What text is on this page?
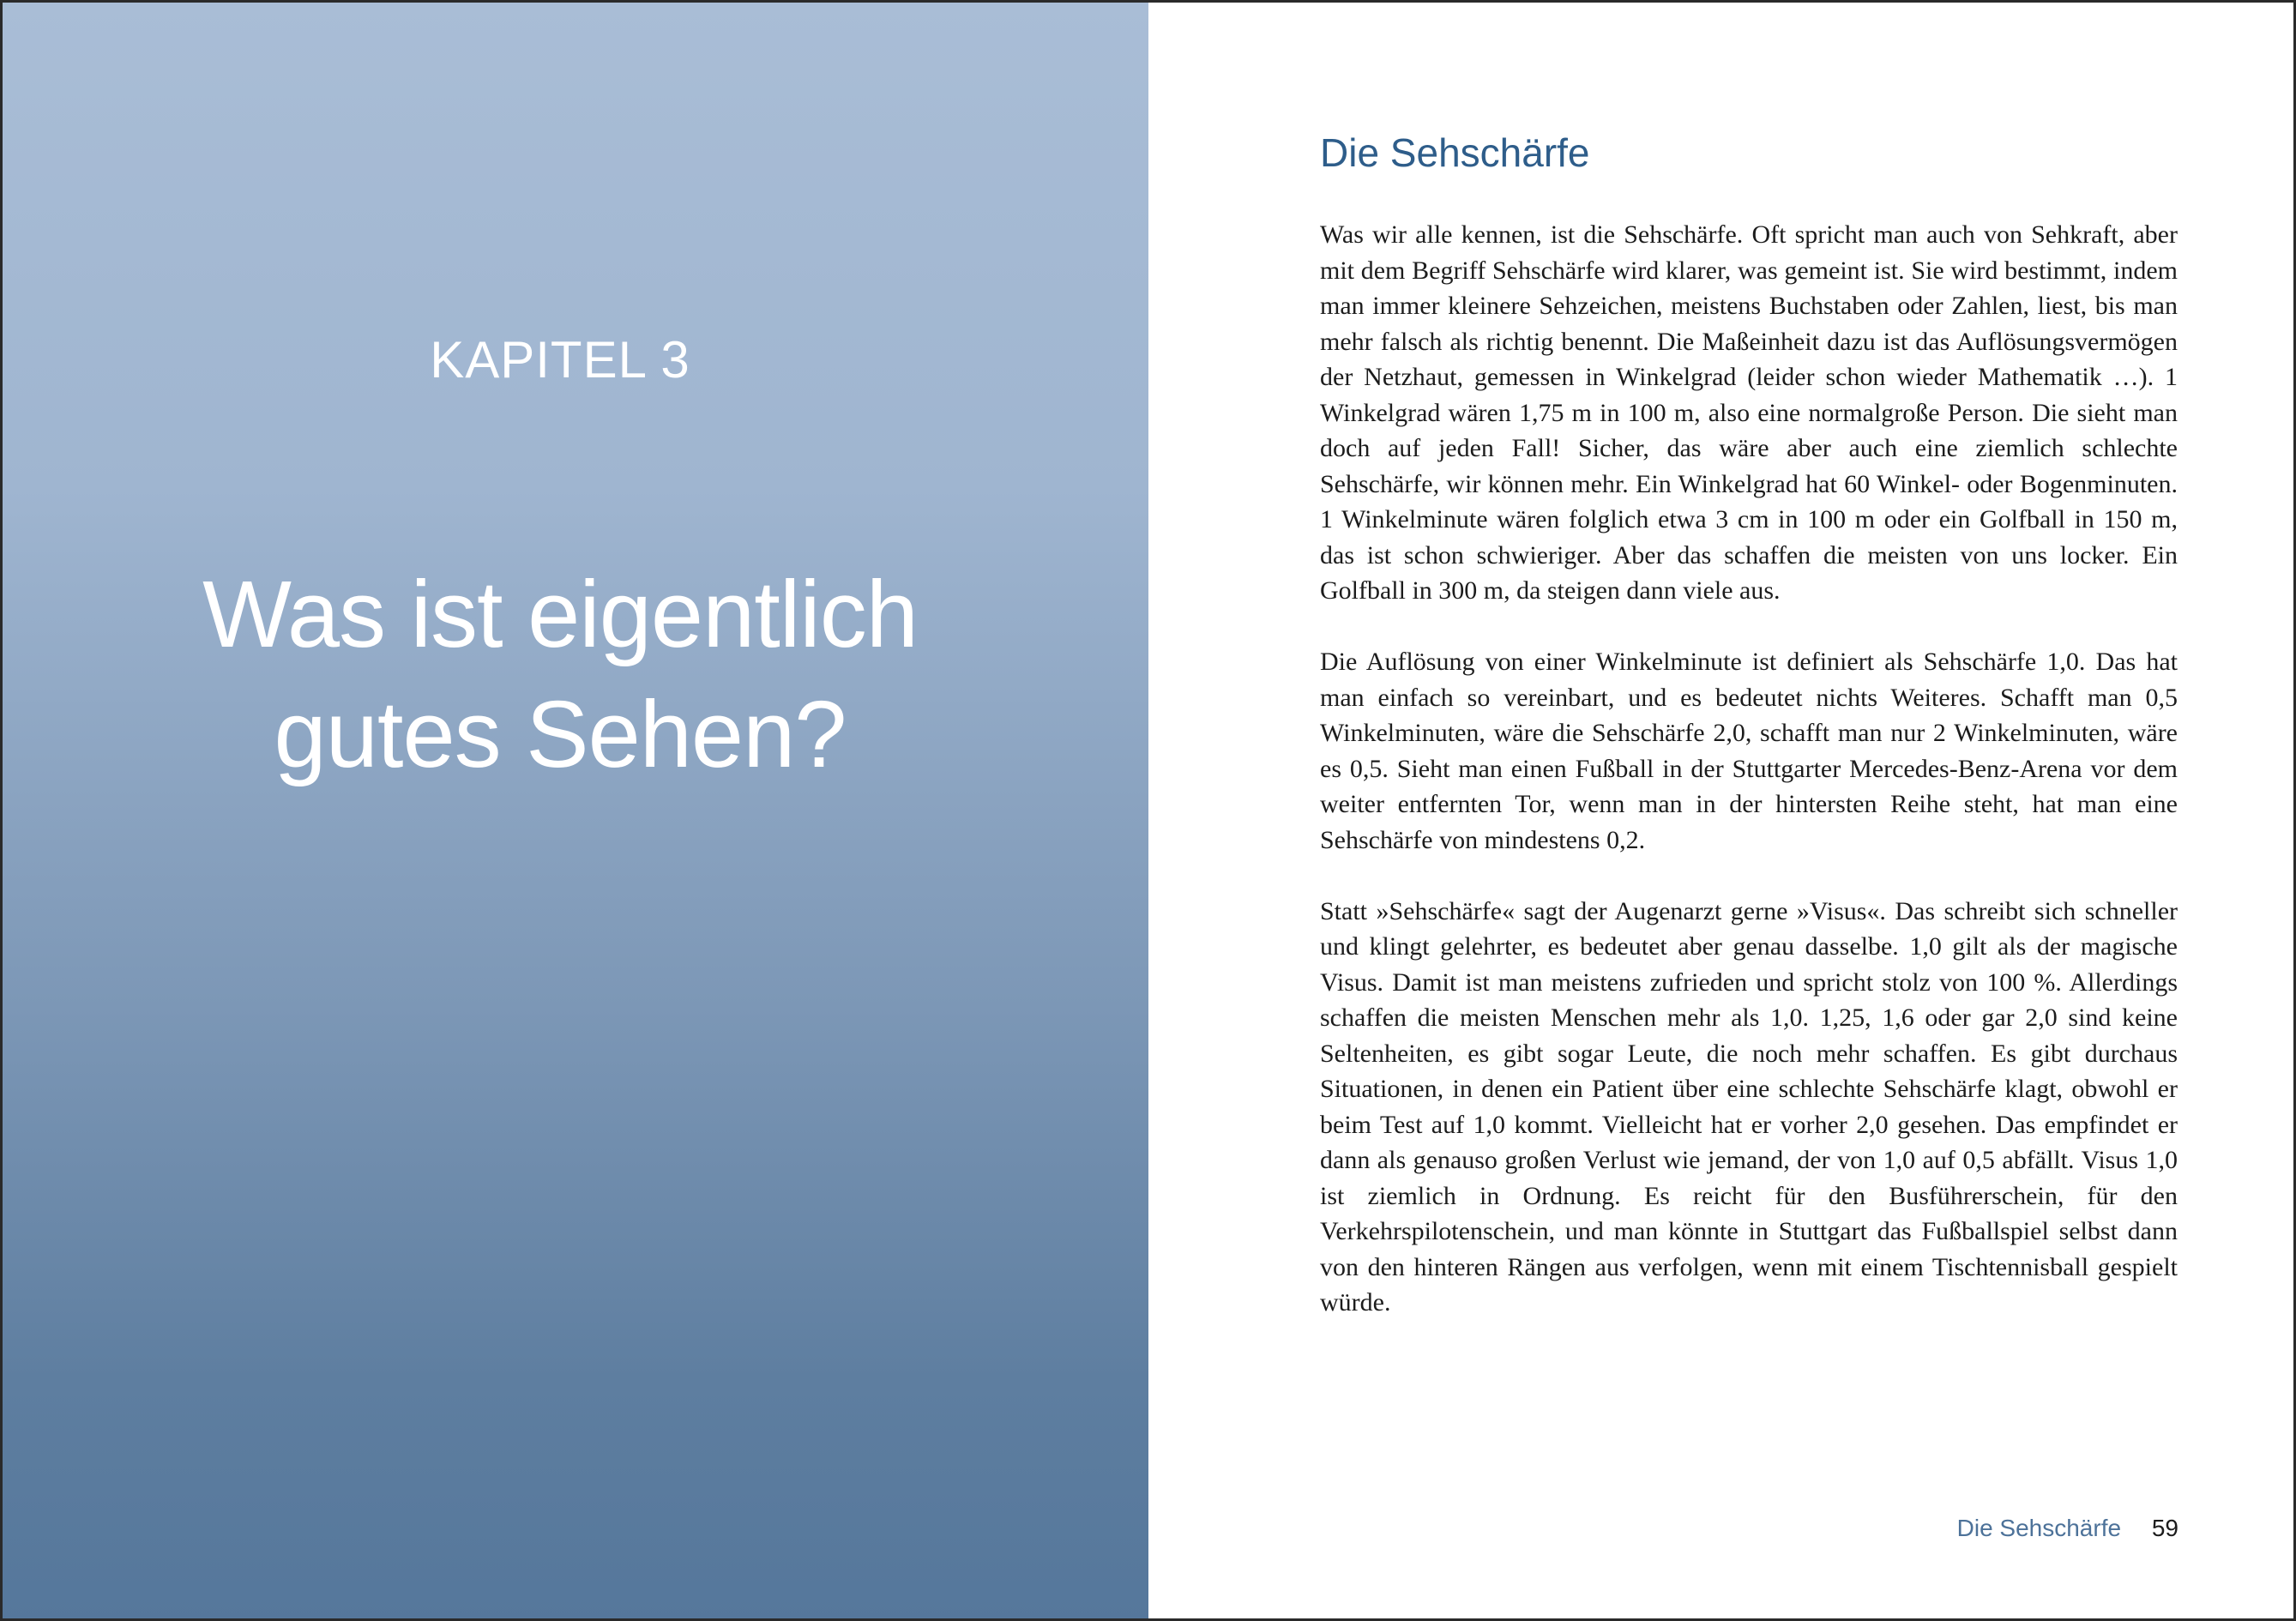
KAPITEL 3
Was ist eigentlich
gutes Sehen?
Die Sehschärfe

Was wir alle kennen, ist die Sehschärfe. Oft spricht man auch von Sehkraft, aber mit dem Begriff Sehschärfe wird klarer, was gemeint ist. Sie wird bestimmt, indem man immer kleinere Sehzeichen, meistens Buchstaben oder Zahlen, liest, bis man mehr falsch als richtig benennt. Die Maßeinheit dazu ist das Auflösungsvermögen der Netzhaut, gemessen in Winkelgrad (leider schon wieder Mathematik …). 1 Winkelgrad wären 1,75 m in 100 m, also eine normalgroße Person. Die sieht man doch auf jeden Fall! Sicher, das wäre aber auch eine ziemlich schlechte Sehschärfe, wir können mehr. Ein Winkelgrad hat 60 Winkel- oder Bogenminuten. 1 Winkelminute wären folglich etwa 3 cm in 100 m oder ein Golfball in 150 m, das ist schon schwieriger. Aber das schaffen die meisten von uns locker. Ein Golfball in 300 m, da steigen dann viele aus.

Die Auflösung von einer Winkelminute ist definiert als Sehschärfe 1,0. Das hat man einfach so vereinbart, und es bedeutet nichts Weiteres. Schafft man 0,5 Winkelminuten, wäre die Sehschärfe 2,0, schafft man nur 2 Winkelminuten, wäre es 0,5. Sieht man einen Fußball in der Stuttgarter Mercedes-Benz-Arena vor dem weiter entfernten Tor, wenn man in der hintersten Reihe steht, hat man eine Sehschärfe von mindestens 0,2.

Statt »Sehschärfe« sagt der Augenarzt gerne »Visus«. Das schreibt sich schneller und klingt gelehrter, es bedeutet aber genau dasselbe. 1,0 gilt als der magische Visus. Damit ist man meistens zufrieden und spricht stolz von 100 %. Allerdings schaffen die meisten Menschen mehr als 1,0. 1,25, 1,6 oder gar 2,0 sind keine Seltenheiten, es gibt sogar Leute, die noch mehr schaffen. Es gibt durchaus Situationen, in denen ein Patient über eine schlechte Sehschärfe klagt, obwohl er beim Test auf 1,0 kommt. Vielleicht hat er vorher 2,0 gesehen. Das empfindet er dann als genauso großen Verlust wie jemand, der von 1,0 auf 0,5 abfällt. Visus 1,0 ist ziemlich in Ordnung. Es reicht für den Busführerschein, für den Verkehrspilotenschein, und man könnte in Stuttgart das Fußballspiel selbst dann von den hinteren Rängen aus verfolgen, wenn mit einem Tischtennisball gespielt würde.

Die Sehschärfe 59
